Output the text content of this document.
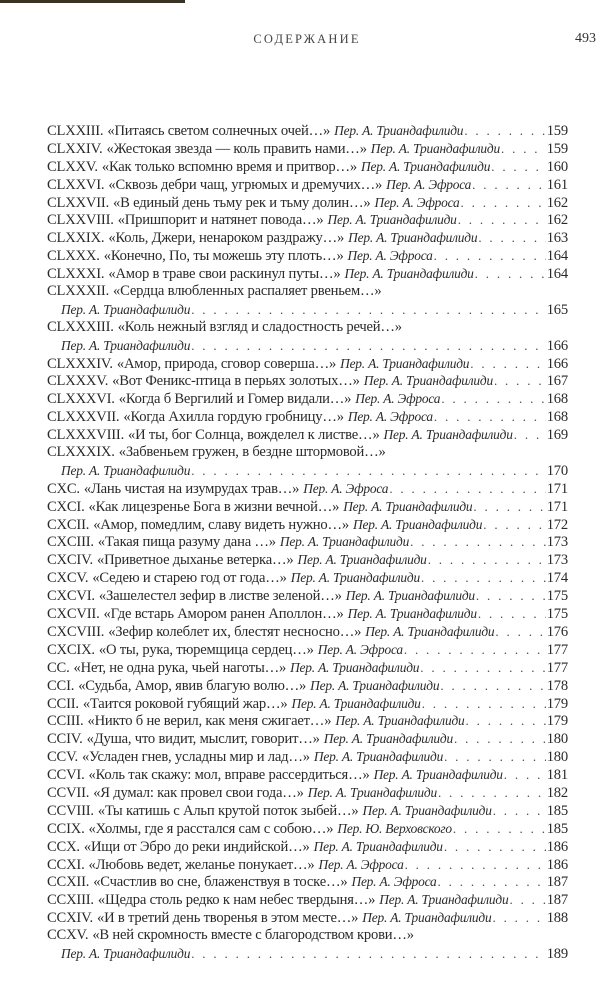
СОДЕРЖАНИЕ	493
CLXXIII. «Питаясь светом солнечных очей…» Пер. А. Триандафилиди . . .	159
CLXXIV. «Жестокая звезда — коль править нами…» Пер. А. Триандафилиди . . .	159
CLXXV. «Как только вспомню время и притвор…» Пер. А. Триандафилиди . . .	160
CLXXVI. «Сквозь дебри чащ, угрюмых и дремучих…» Пер. А. Эфроса . . .	161
CLXXVII. «В единый день тьму рек и тьму долин…» Пер. А. Эфроса . . .	162
CLXXVIII. «Пришпорит и натянет повода…» Пер. А. Триандафилиди . . .	162
CLXXIX. «Коль, Джери, ненароком раздражу…» Пер. А. Триандафилиди . . .	163
CLXXX. «Конечно, По, ты можешь эту плоть…» Пер. А. Эфроса . . .	164
CLXXXI. «Амор в траве свои раскинул путы…» Пер. А. Триандафилиди . . .	164
CLXXXII. «Сердца влюбленных распаляет рвеньем…»
Пер. А. Триандафилиди . . .	165
CLXXXIII. «Коль нежный взгляд и сладостность речей…»
Пер. А. Триандафилиди . . .	166
CLXXXIV. «Амор, природа, сговор соверша…» Пер. А. Триандафилиди . . .	166
CLXXXV. «Вот Феникс-птица в перьях золотых…» Пер. А. Триандафилиди . . .	167
CLXXXVI. «Когда б Вергилий и Гомер видали…» Пер. А. Эфроса . . .	168
CLXXXVII. «Когда Ахилла гордую гробницу…» Пер. А. Эфроса . . .	168
CLXXXVIII. «И ты, бог Солнца, вожделел к листве…» Пер. А. Триандафилиди . . . 169
CLXXXIX. «Забвеньем гружен, в бездне штормовой…»
Пер. А. Триандафилиди . . .	170
CXC. «Лань чистая на изумрудах трав…» Пер. А. Эфроса . . .	171
CXCI. «Как лицезренье Бога в жизни вечной…» Пер. А. Триандафилиди . . .	171
CXCII. «Амор, помедлим, славу видеть нужно…» Пер. А. Триандафилиди . . .	172
CXCIII. «Такая пища разуму дана …» Пер. А. Триандафилиди . . .	173
CXCIV. «Приветное дыханье ветерка…» Пер. А. Триандафилиди . . .	173
CXCV. «Седею и старею год от года…» Пер. А. Триандафилиди . . .	174
CXCVI. «Зашелестел зефир в листве зеленой…» Пер. А. Триандафилиди . . .	175
CXCVII. «Где встарь Амором ранен Аполлон…» Пер. А. Триандафилиди . . .	175
CXCVIII. «Зефир колеблет их, блестят несносно…» Пер. А. Триандафилиди . . .	176
CXCIX. «О ты, рука, тюремщица сердец…» Пер. А. Эфроса . . .	177
CC. «Нет, не одна рука, чьей наготы…» Пер. А. Триандафилиди . . .	177
CCI. «Судьба, Амор, явив благую волю…» Пер. А. Триандафилиди . . .	178
CCII. «Таится роковой губящий жар…» Пер. А. Триандафилиди . . .	179
CCIII. «Никто б не верил, как меня сжигает…» Пер. А. Триандафилиди . . .	179
CCIV. «Душа, что видит, мыслит, говорит…» Пер. А. Триандафилиди . . .	180
CCV. «Усладен гнев, усладны мир и лад…» Пер. А. Триандафилиди . . .	180
CCVI. «Коль так скажу: мол, вправе рассердиться…» Пер. А. Триандафилиди . . .	181
CCVII. «Я думал: как провел свои года…» Пер. А. Триандафилиди . . .	182
CCVIII. «Ты катишь с Альп крутой поток зыбей…» Пер. А. Триандафилиди . . .	185
CCIX. «Холмы, где я расстался сам с собою…» Пер. Ю. Верховского . . .	185
CCX. «Ищи от Эбро до реки индийской…» Пер. А. Триандафилиди . . .	186
CCXI. «Любовь ведет, желанье понукает…» Пер. А. Эфроса . . .	186
CCXII. «Счастлив во сне, блаженствуя в тоске…» Пер. А. Эфроса . . .	187
CCXIII. «Щедра столь редко к нам небес твердыня…» Пер. А. Триандафилиди . . .	187
CCXIV. «И в третий день творенья в этом месте…» Пер. А. Триандафилиди . . .	188
CCXV. «В ней скромность вместе с благородством крови…»
Пер. А. Триандафилиди . . .	189
